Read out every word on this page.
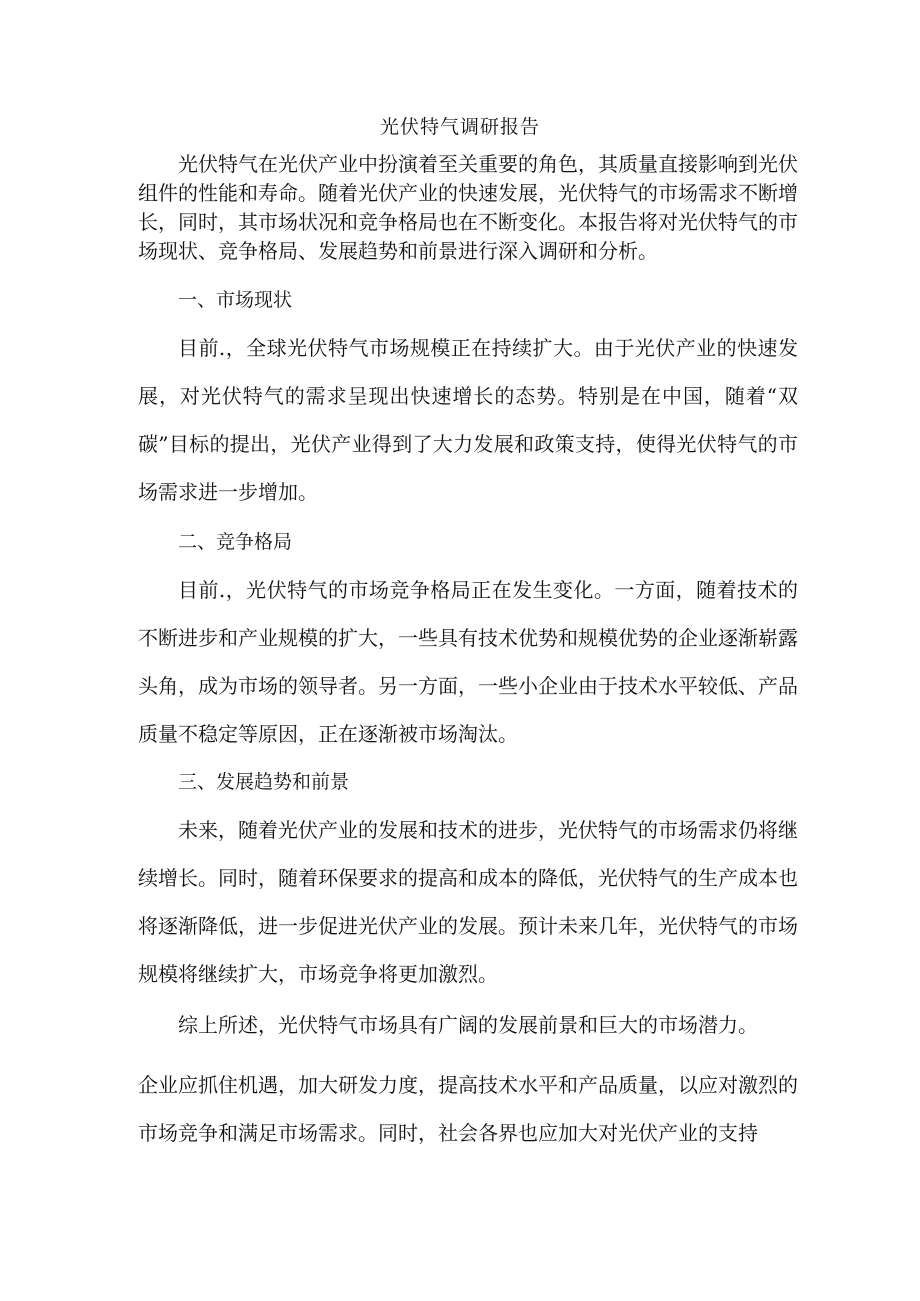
光伏特气调研报告

光伏特气在光伏产业中扮演着至关重要的角色，其质量直接影响到光伏组件的性能和寿命。随着光伏产业的快速发展，光伏特气的市场需求不断增长，同时，其市场状况和竞争格局也在不断变化。本报告将对光伏特气的市场现状、竞争格局、发展趋势和前景进行深入调研和分析。

一、市场现状

目前.，全球光伏特气市场规模正在持续扩大。由于光伏产业的快速发展，对光伏特气的需求呈现出快速增长的态势。特别是在中国，随着“双碳”目标的提出，光伏产业得到了大力发展和政策支持，使得光伏特气的市场需求进一步增加。

二、竞争格局

目前.，光伏特气的市场竞争格局正在发生变化。一方面，随着技术的不断进步和产业规模的扩大，一些具有技术优势和规模优势的企业逐渐崭露头角，成为市场的领导者。另一方面，一些小企业由于技术水平较低、产品质量不稳定等原因，正在逐渐被市场淘汰。

三、发展趋势和前景

未来，随着光伏产业的发展和技术的进步，光伏特气的市场需求仍将继续增长。同时，随着环保要求的提高和成本的降低，光伏特气的生产成本也将逐渐降低，进一步促进光伏产业的发展。预计未来几年，光伏特气的市场规模将继续扩大，市场竞争将更加激烈。

综上所述，光伏特气市场具有广阔的发展前景和巨大的市场潜力。

企业应抓住机遇，加大研发力度，提高技术水平和产品质量，以应对激烈的市场竞争和满足市场需求。同时，社会各界也应加大对光伏产业的支持
